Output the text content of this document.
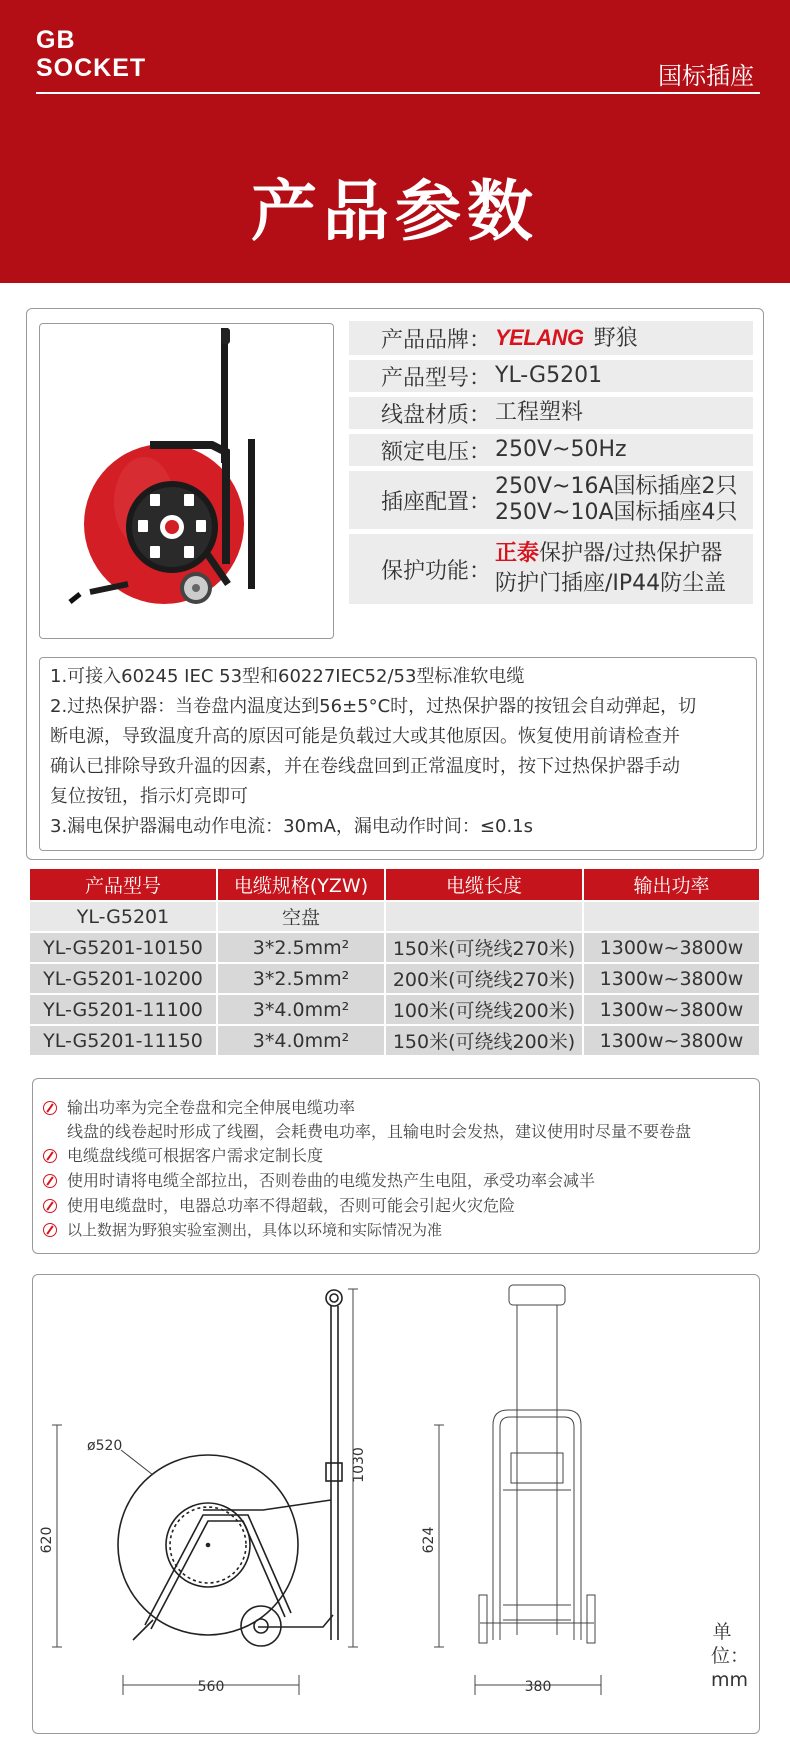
GB
SOCKET	国标插座
产品参数
产品品牌： YELANG 野狼
产品型号： YL-G5201
线盘材质： 工程塑料
额定电压： 250V~50Hz
插座配置：
250V~16A国标插座2只
250V~10A国标插座4只
保护功能：
正泰保护器/过热保护器
防护门插座/IP44防尘盖
1.可接入60245 IEC 53型和60227IEC52/53型标准软电缆
2.过热保护器：当卷盘内温度达到56±5°C时，过热保护器的按钮会自动弹起，切
断电源，导致温度升高的原因可能是负载过大或其他原因。恢复使用前请检查并
确认已排除导致升温的因素，并在卷线盘回到正常温度时，按下过热保护器手动
复位按钮，指示灯亮即可
3.漏电保护器漏电动作电流：30mA，漏电动作时间：≤0.1s
产品型号	电缆规格(YZW)	电缆长度	输出功率
YL-G5201	空盘		
YL-G5201-10150	3*2.5mm²	150米(可绕线270米)	1300w~3800w
YL-G5201-10200	3*2.5mm²	200米(可绕线270米)	1300w~3800w
YL-G5201-11100	3*4.0mm²	100米(可绕线200米)	1300w~3800w
YL-G5201-11150	3*4.0mm²	150米(可绕线200米)	1300w~3800w
输出功率为完全卷盘和完全伸展电缆功率
线盘的线卷起时形成了线圈，会耗费电功率，且输电时会发热，建议使用时尽量不要卷盘
电缆盘线缆可根据客户需求定制长度
使用时请将电缆全部拉出，否则卷曲的电缆发热产生电阻，承受功率会减半
使用电缆盘时，电器总功率不得超载，否则可能会引起火灾危险
以上数据为野狼实验室测出，具体以环境和实际情况为准
ø520
1030
620
560
624
380
单位：mm
